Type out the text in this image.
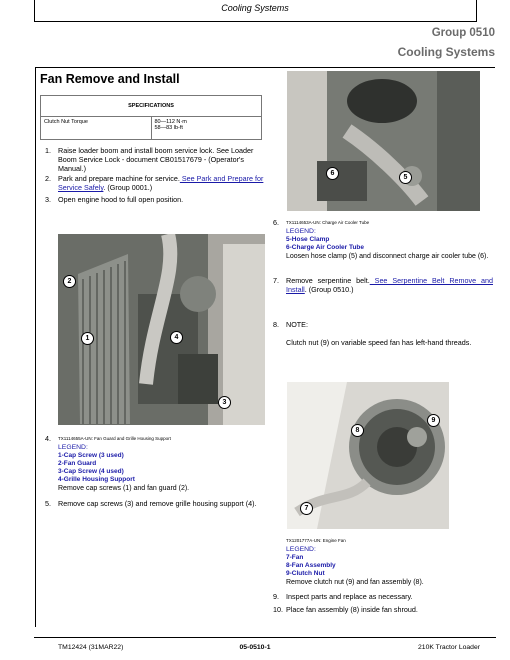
Cooling Systems
Group 0510
Cooling Systems
Fan Remove and Install
SPECIFICATIONS
Clutch Nut Torque	80—112 N·m
58—83 lb-ft
1. Raise loader boom and install boom service lock. See Loader Boom Service Lock - document CB01517679 - (Operator's Manual.)
2. Park and prepare machine for service. See Park and Prepare for Service Safely. (Group 0001.)
3. Open engine hood to full open position.
2
1	4
3
4. TX1114655A-UN: Fan Guard and Grille Housing Support
LEGEND:
1-Cap Screw (3 used)
2-Fan Guard
3-Cap Screw (4 used)
4-Grille Housing Support
Remove cap screws (1) and fan guard (2).
5. Remove cap screws (3) and remove grille housing support (4).
6
5
6. TX1114653A-UN: Charge Air Cooler Tube
LEGEND:
5-Hose Clamp
6-Charge Air Cooler Tube
Loosen hose clamp (5) and disconnect charge air cooler tube (6).
7. Remove serpentine belt. See Serpentine Belt Remove and Install. (Group 0510.)
8. NOTE:
Clutch nut (9) on variable speed fan has left-hand threads.
8
9
7
TX1201777A-UN: Engine Fan
LEGEND:
7-Fan
8-Fan Assembly
9-Clutch Nut
Remove clutch nut (9) and fan assembly (8).
9. Inspect parts and replace as necessary.
10. Place fan assembly (8) inside fan shroud.
TM12424 (31MAR22)	05-0510-1	210K Tractor Loader
